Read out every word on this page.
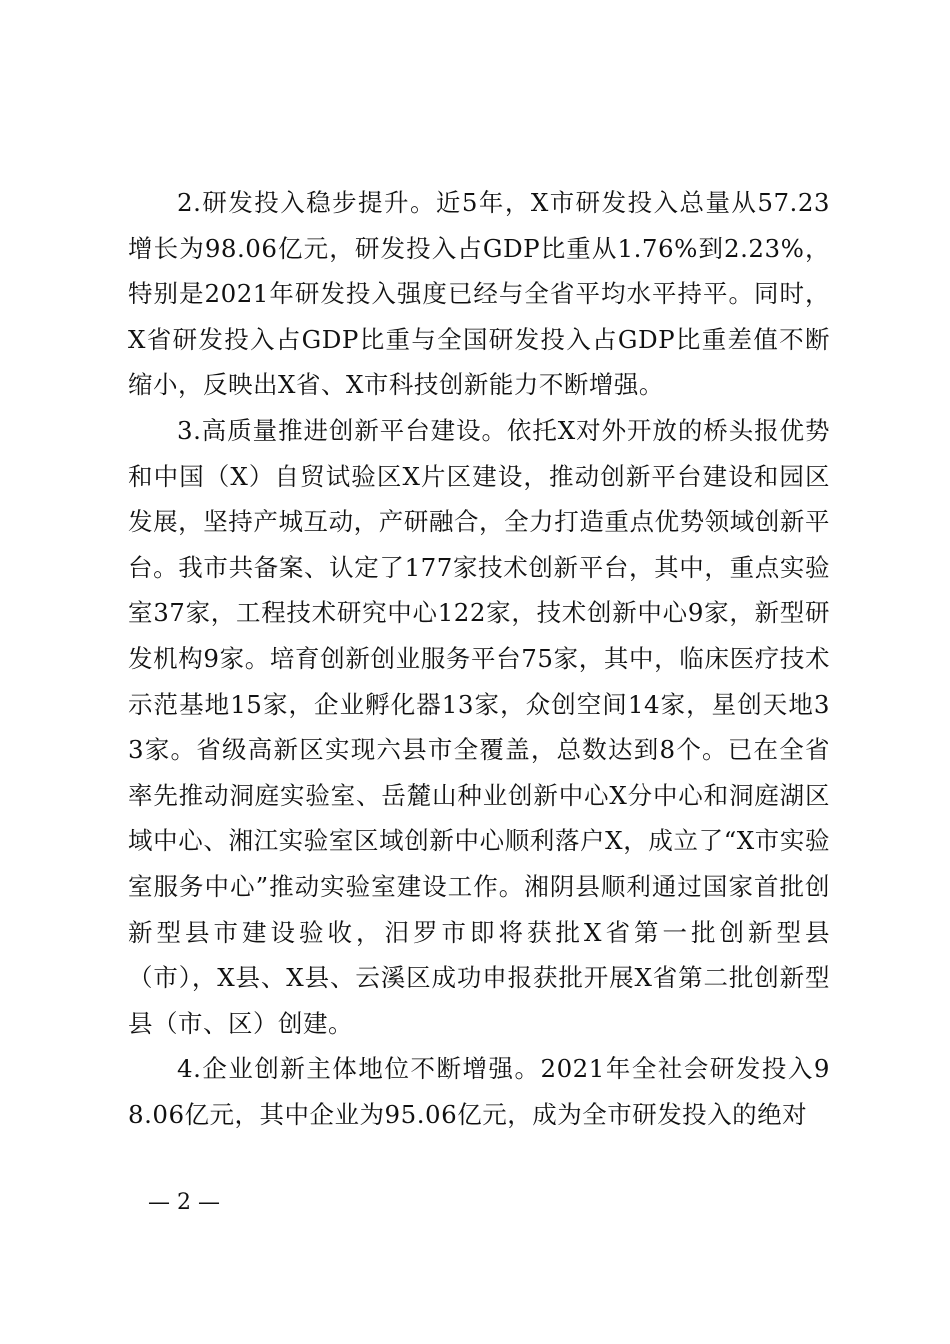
2.研发投入稳步提升。近5年，X市研发投入总量从57.23增长为98.06亿元，研发投入占GDP比重从1.76%到2.23%，特别是2021年研发投入强度已经与全省平均水平持平。同时，X省研发投入占GDP比重与全国研发投入占GDP比重差值不断缩小，反映出X省、X市科技创新能力不断增强。

3.高质量推进创新平台建设。依托X对外开放的桥头报优势和中国（X）自贸试验区X片区建设，推动创新平台建设和园区发展，坚持产城互动，产研融合，全力打造重点优势领域创新平台。我市共备案、认定了177家技术创新平台，其中，重点实验室37家，工程技术研究中心122家，技术创新中心9家，新型研发机构9家。培育创新创业服务平台75家，其中，临床医疗技术示范基地15家，企业孵化器13家，众创空间14家，星创天地33家。省级高新区实现六县市全覆盖，总数达到8个。已在全省率先推动洞庭实验室、岳麓山种业创新中心X分中心和洞庭湖区域中心、湘江实验室区域创新中心顺利落户X，成立了“X市实验室服务中心”推动实验室建设工作。湘阴县顺利通过国家首批创新型县市建设验收，汨罗市即将获批X省第一批创新型县（市），X县、X县、云溪区成功申报获批开展X省第二批创新型县（市、区）创建。

4.企业创新主体地位不断增强。2021年全社会研发投入98.06亿元，其中企业为95.06亿元，成为全市研发投入的绝对

— 2 —
